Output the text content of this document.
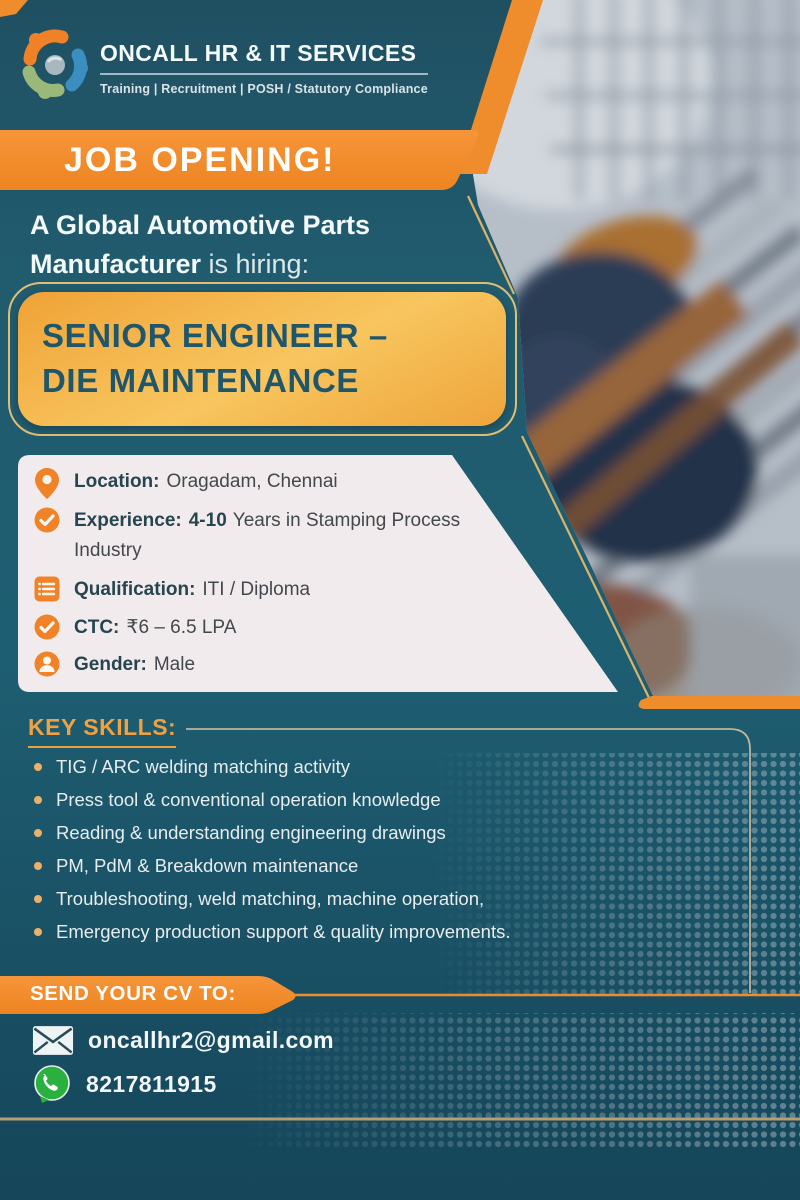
ONCALL HR & IT SERVICES
Training | Recruitment | POSH / Statutory Compliance
JOB OPENING!
A Global Automotive Parts Manufacturer is hiring:
SENIOR ENGINEER –
DIE MAINTENANCE
Location: Oragadam, Chennai
Experience: 4-10 Years in Stamping Process Industry
Qualification: ITI / Diploma
CTC: ₹6 – 6.5 LPA
Gender: Male
KEY SKILLS:
TIG / ARC welding matching activity
Press tool & conventional operation knowledge
Reading & understanding engineering drawings
PM, PdM & Breakdown maintenance
Troubleshooting, weld matching, machine operation,
Emergency production support & quality improvements.
SEND YOUR CV TO:
oncallhr2@gmail.com
8217811915
